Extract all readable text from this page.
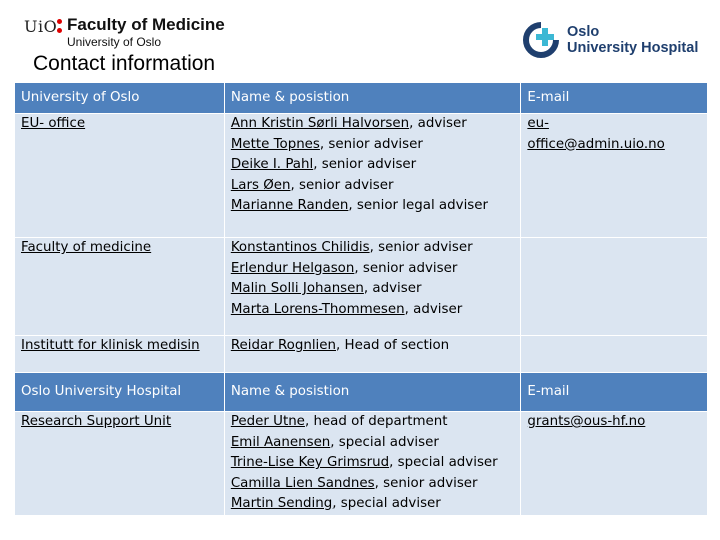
UiO Faculty of Medicine
University of Oslo
Oslo
University Hospital
Contact information
University of Oslo	Name & posistion	E-mail
EU- office	Ann Kristin Sørli Halvorsen, adviser
Mette Topnes, senior adviser
Deike I. Pahl, senior adviser
Lars Øen, senior adviser
Marianne Randen, senior legal adviser	eu-
office@admin.uio.no

Faculty of medicine	Konstantinos Chilidis, senior adviser
Erlendur Helgason, senior adviser
Malin Solli Johansen, adviser
Marta Lorens-Thommesen, adviser	

Institutt for klinisk medisin	Reidar Rognlien, Head of section	

Oslo University Hospital	Name & posistion	E-mail
Research Support Unit	Peder Utne, head of department
Emil Aanensen, special adviser
Trine-Lise Key Grimsrud, special adviser
Camilla Lien Sandnes, senior adviser
Martin Sending, special adviser	grants@ous-hf.no
